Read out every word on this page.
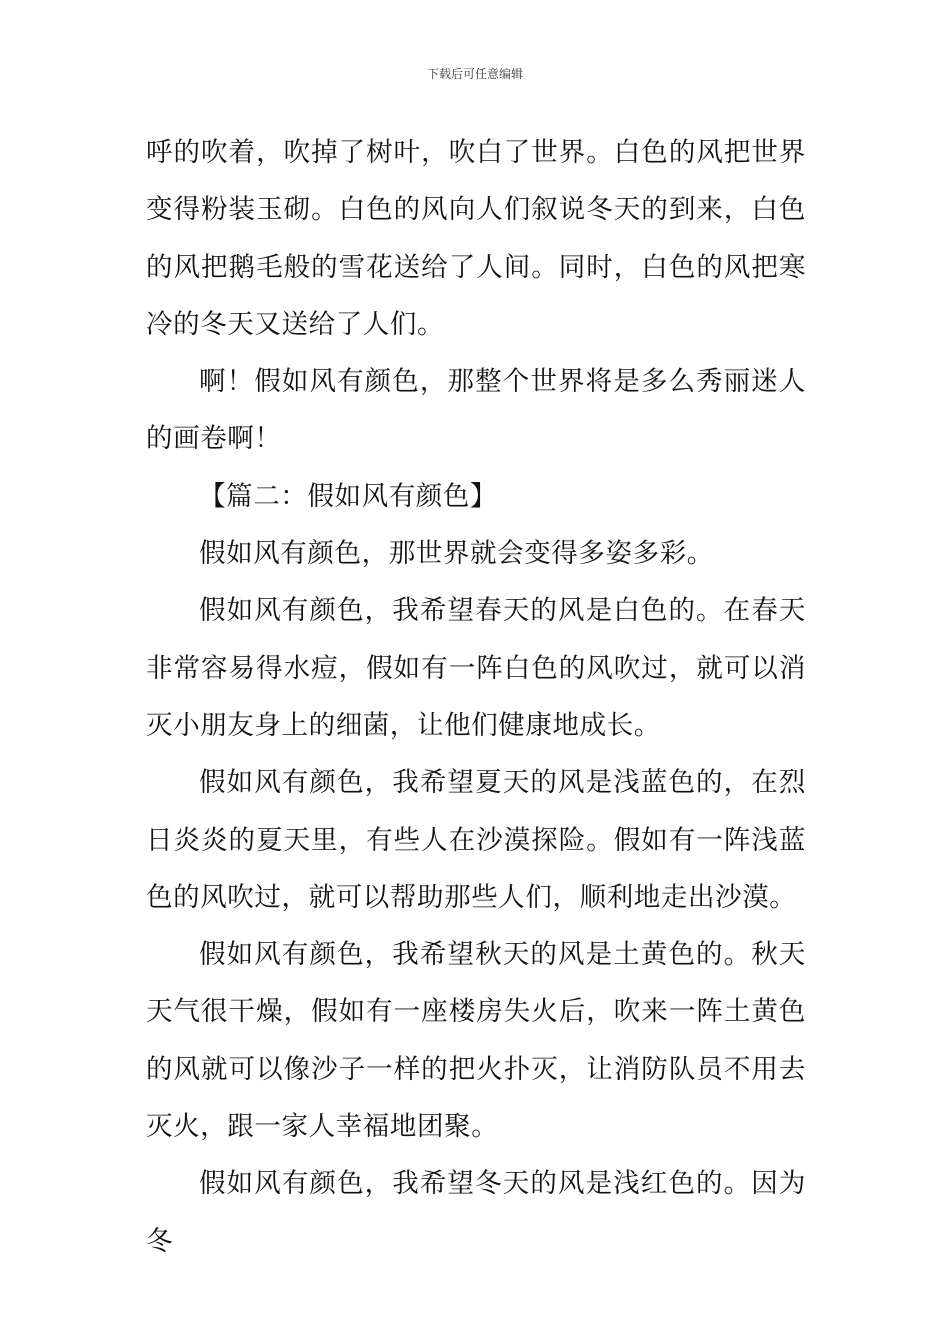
下载后可任意编辑

呼的吹着，吹掉了树叶，吹白了世界。白色的风把世界变得粉装玉砌。白色的风向人们叙说冬天的到来，白色的风把鹅毛般的雪花送给了人间。同时，白色的风把寒冷的冬天又送给了人们。

啊！假如风有颜色，那整个世界将是多么秀丽迷人的画卷啊！

【篇二：假如风有颜色】

假如风有颜色，那世界就会变得多姿多彩。

假如风有颜色，我希望春天的风是白色的。在春天非常容易得水痘，假如有一阵白色的风吹过，就可以消灭小朋友身上的细菌，让他们健康地成长。

假如风有颜色，我希望夏天的风是浅蓝色的，在烈日炎炎的夏天里，有些人在沙漠探险。假如有一阵浅蓝色的风吹过，就可以帮助那些人们，顺利地走出沙漠。

假如风有颜色，我希望秋天的风是土黄色的。秋天天气很干燥，假如有一座楼房失火后，吹来一阵土黄色的风就可以像沙子一样的把火扑灭，让消防队员不用去灭火，跟一家人幸福地团聚。

假如风有颜色，我希望冬天的风是浅红色的。因为冬
